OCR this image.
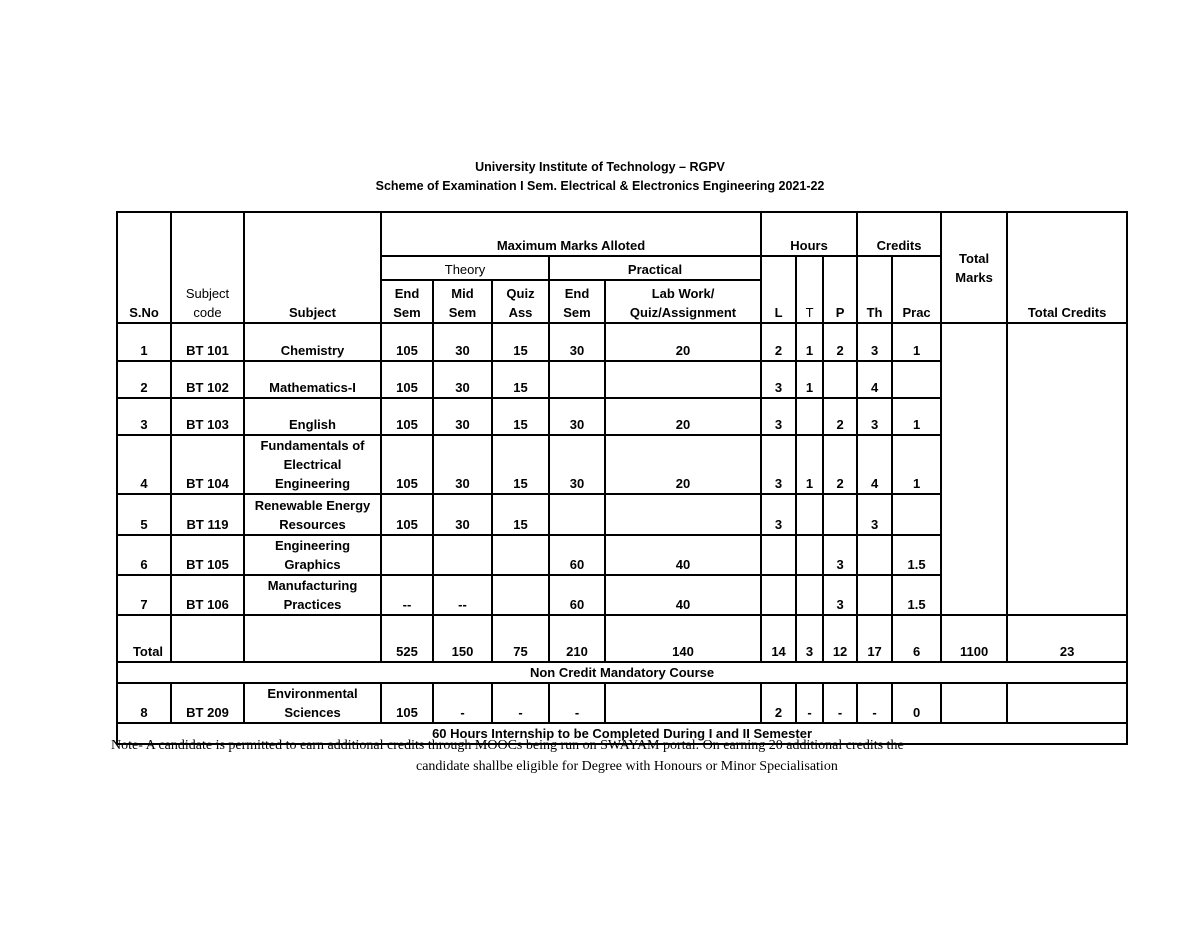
University Institute of Technology – RGPV
Scheme of Examination I Sem. Electrical & Electronics Engineering 2021-22
S.No	Subject code	Subject	Maximum Marks Alloted					Hours			Credits		Total Marks	Total Credits
			Theory			Practical		L	T	P	Th	Prac		
			End Sem	Mid Sem	Quiz Ass	End Sem	Lab Work/ Quiz/Assignment							
1	BT 101	Chemistry	105	30	15	30	20	2	1	2	3	1		
2	BT 102	Mathematics-I	105	30	15			3	1		4			
3	BT 103	English	105	30	15	30	20	3		2	3	1		
4	BT 104	Fundamentals of Electrical Engineering	105	30	15	30	20	3	1	2	4	1		
5	BT 119	Renewable Energy Resources	105	30	15			3			3			
6	BT 105	Engineering Graphics				60	40			3		1.5		
7	BT 106	Manufacturing Practices	--	--		60	40			3		1.5		
Total			525	150	75	210	140	14	3	12	17	6	1100	23
Non Credit Mandatory Course														
8	BT 209	Environmental Sciences	105	-	-	-		2	-	-	-	0		
60 Hours Internship to be Completed During I and II Semester														
Note- A candidate is permitted to earn additional credits through MOOCs being run on SWAYAM portal. On earning 20 additional credits the
candidate shallbe eligible for Degree with Honours or Minor Specialisation
